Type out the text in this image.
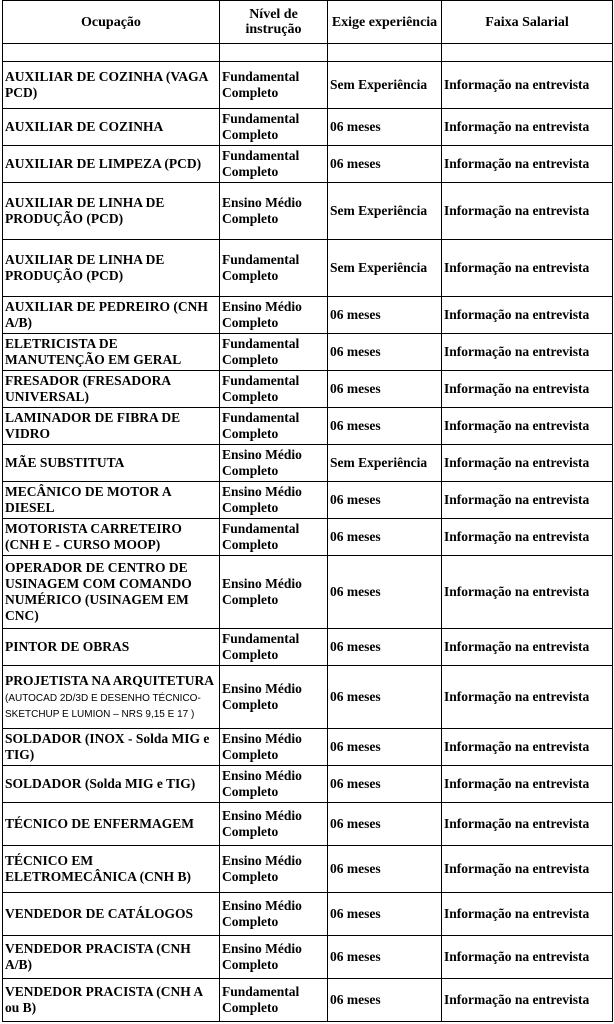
Ocupação	Nível de instrução	Exige experiência	Faixa Salarial

AUXILIAR DE COZINHA (VAGA PCD)	Fundamental Completo	Sem Experiência	Informação na entrevista
AUXILIAR DE COZINHA	Fundamental Completo	06 meses	Informação na entrevista
AUXILIAR DE LIMPEZA (PCD)	Fundamental Completo	06 meses	Informação na entrevista
AUXILIAR DE LINHA DE PRODUÇÃO (PCD)	Ensino Médio Completo	Sem Experiência	Informação na entrevista
AUXILIAR DE LINHA DE PRODUÇÃO (PCD)	Fundamental Completo	Sem Experiência	Informação na entrevista
AUXILIAR DE PEDREIRO (CNH A/B)	Ensino Médio Completo	06 meses	Informação na entrevista
ELETRICISTA DE MANUTENÇÃO EM GERAL	Fundamental Completo	06 meses	Informação na entrevista
FRESADOR (FRESADORA UNIVERSAL)	Fundamental Completo	06 meses	Informação na entrevista
LAMINADOR DE FIBRA DE VIDRO	Fundamental Completo	06 meses	Informação na entrevista
MÃE SUBSTITUTA	Ensino Médio Completo	Sem Experiência	Informação na entrevista
MECÂNICO DE MOTOR A DIESEL	Ensino Médio Completo	06 meses	Informação na entrevista
MOTORISTA CARRETEIRO (CNH E - CURSO MOOP)	Fundamental Completo	06 meses	Informação na entrevista
OPERADOR DE CENTRO DE USINAGEM COM COMANDO NUMÉRICO (USINAGEM EM CNC)	Ensino Médio Completo	06 meses	Informação na entrevista
PINTOR DE OBRAS	Fundamental Completo	06 meses	Informação na entrevista
PROJETISTA NA ARQUITETURA (AUTOCAD 2D/3D E DESENHO TÉCNICO-SKETCHUP E LUMION – NRS 9,15 E 17 )	Ensino Médio Completo	06 meses	Informação na entrevista
SOLDADOR (INOX - Solda MIG e TIG)	Ensino Médio Completo	06 meses	Informação na entrevista
SOLDADOR (Solda MIG e TIG)	Ensino Médio Completo	06 meses	Informação na entrevista
TÉCNICO DE ENFERMAGEM	Ensino Médio Completo	06 meses	Informação na entrevista
TÉCNICO EM ELETROMECÂNICA (CNH B)	Ensino Médio Completo	06 meses	Informação na entrevista
VENDEDOR DE CATÁLOGOS	Ensino Médio Completo	06 meses	Informação na entrevista
VENDEDOR PRACISTA (CNH A/B)	Ensino Médio Completo	06 meses	Informação na entrevista
VENDEDOR PRACISTA (CNH A ou B)	Fundamental Completo	06 meses	Informação na entrevista
